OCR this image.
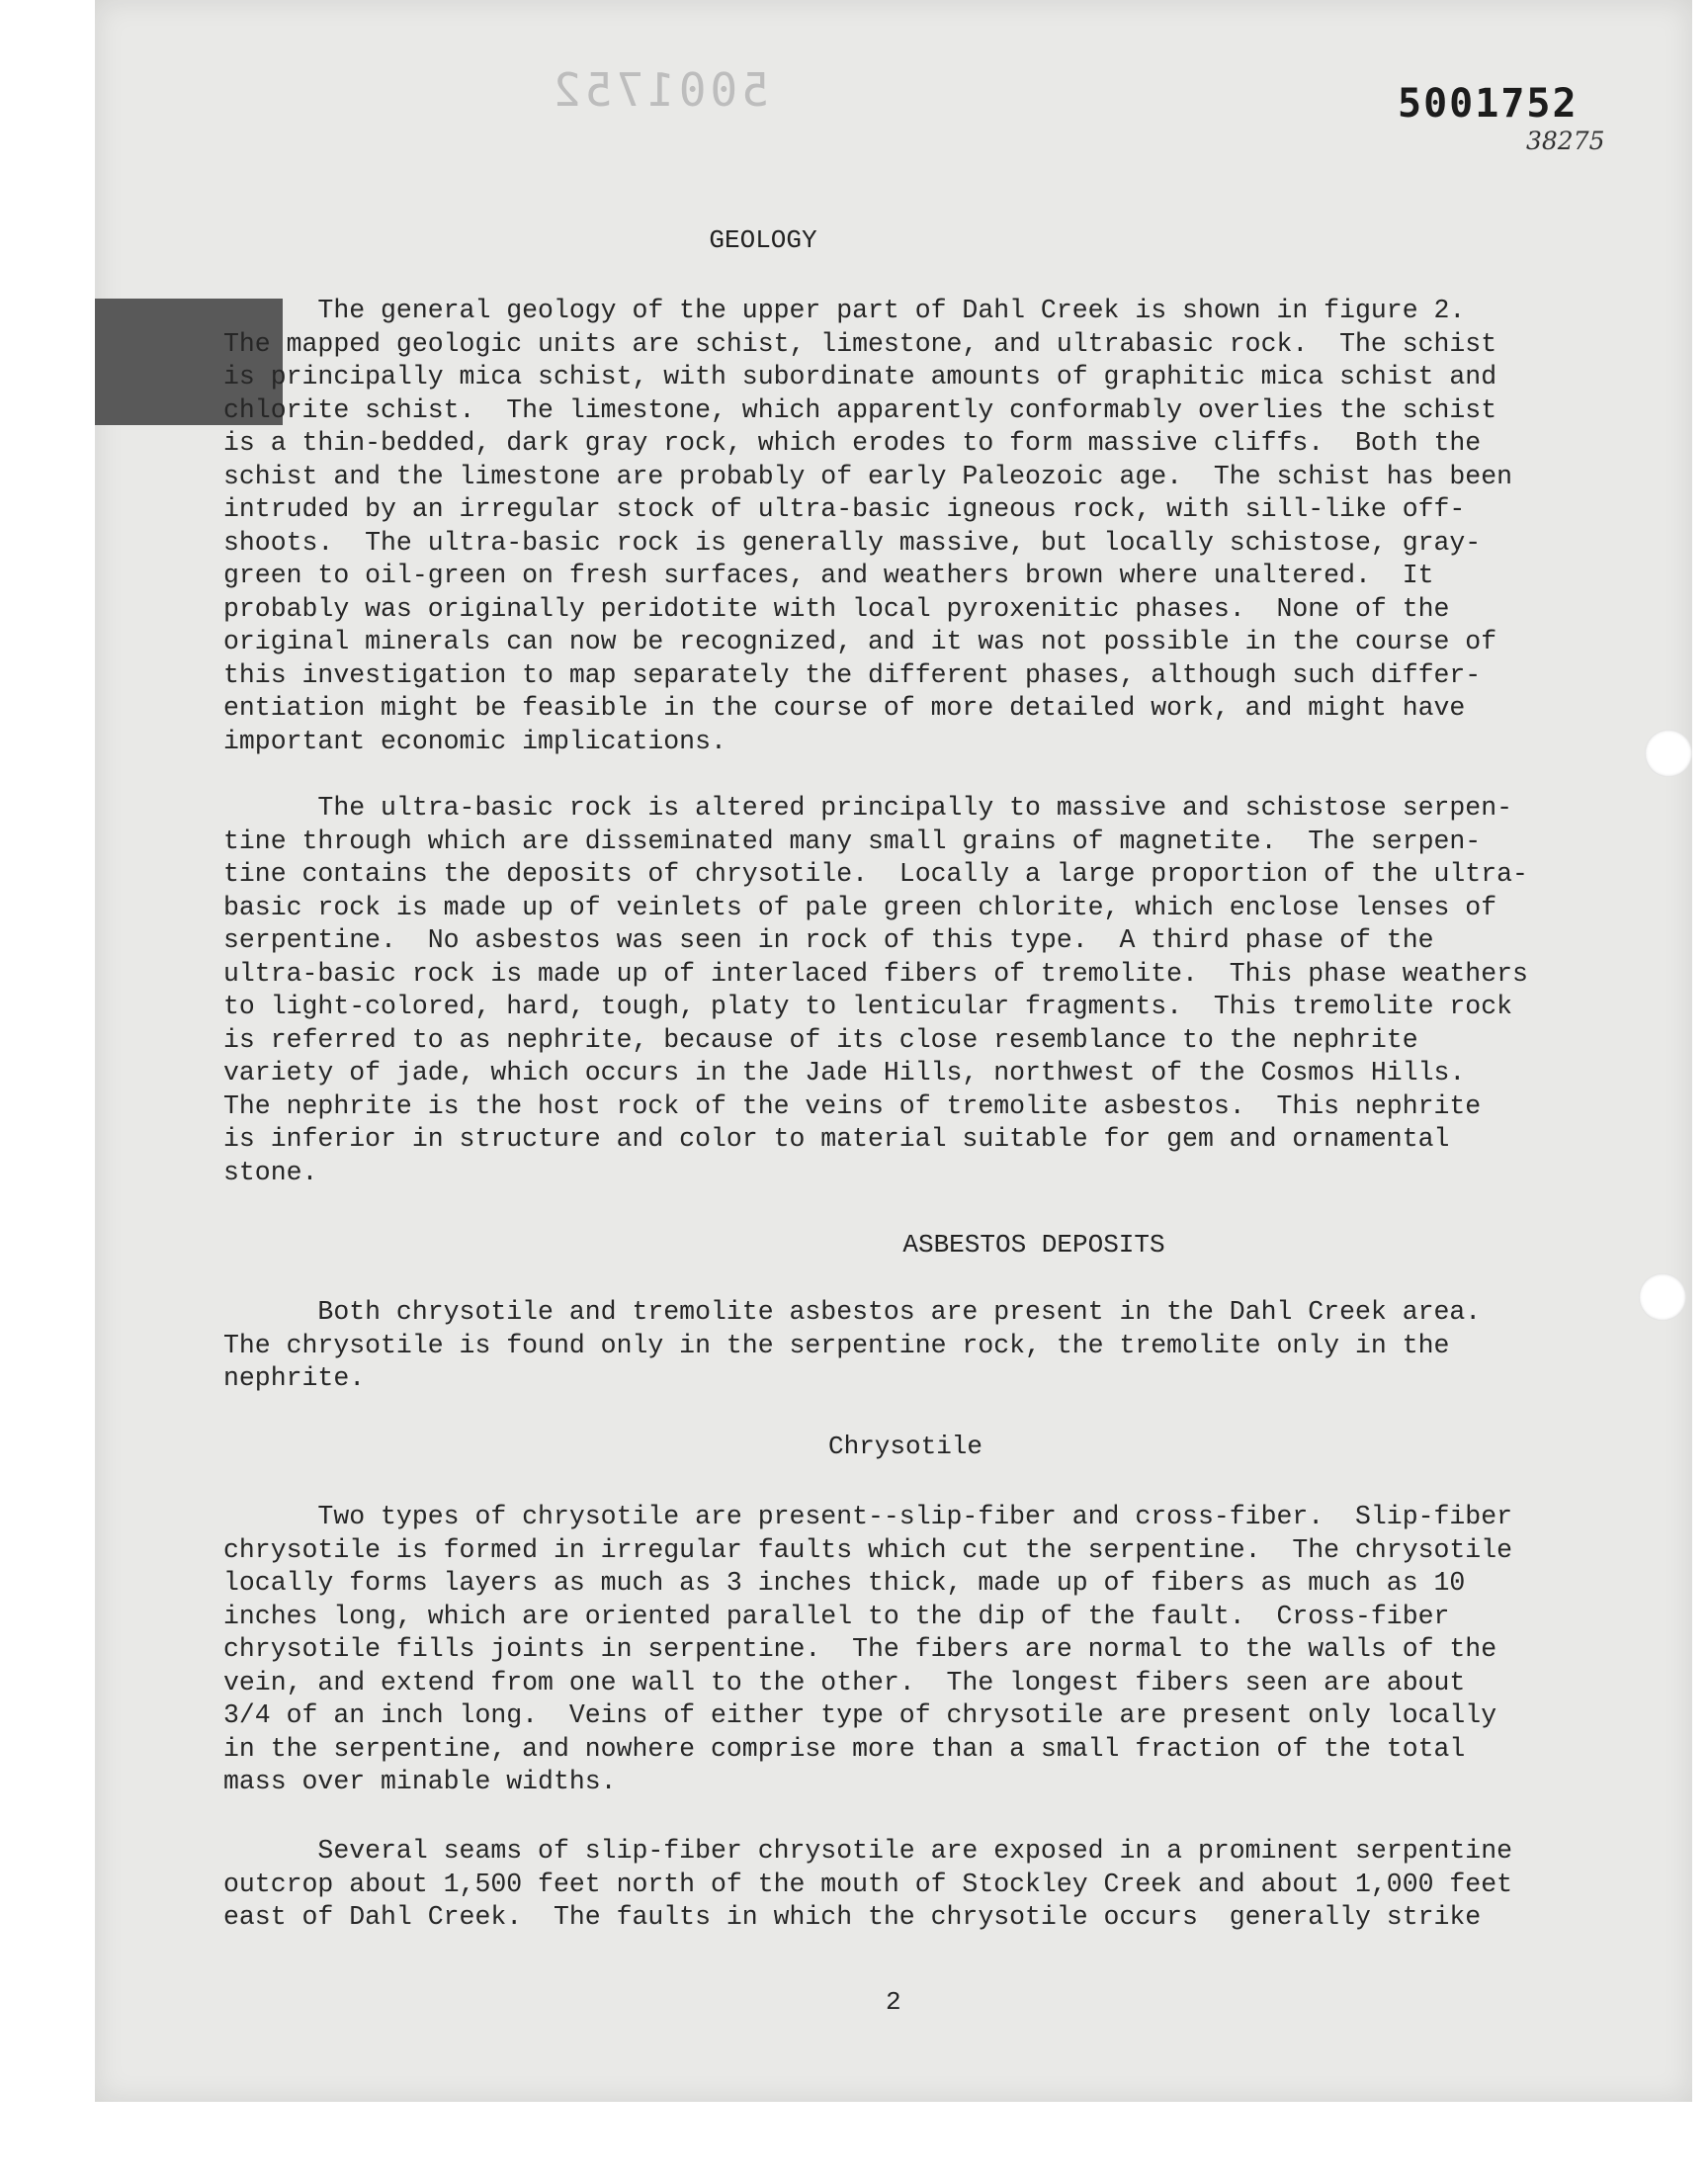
5001752	5001752
38275
GEOLOGY
The general geology of the upper part of Dahl Creek is shown in figure 2.
The mapped geologic units are schist, limestone, and ultrabasic rock.  The schist
is principally mica schist, with subordinate amounts of graphitic mica schist and
chlorite schist.  The limestone, which apparently conformably overlies the schist
is a thin-bedded, dark gray rock, which erodes to form massive cliffs.  Both the
schist and the limestone are probably of early Paleozoic age.  The schist has been
intruded by an irregular stock of ultra-basic igneous rock, with sill-like off-
shoots.  The ultra-basic rock is generally massive, but locally schistose, gray-
green to oil-green on fresh surfaces, and weathers brown where unaltered.  It
probably was originally peridotite with local pyroxenitic phases.  None of the
original minerals can now be recognized, and it was not possible in the course of
this investigation to map separately the different phases, although such differ-
entiation might be feasible in the course of more detailed work, and might have
important economic implications.
The ultra-basic rock is altered principally to massive and schistose serpen-
tine through which are disseminated many small grains of magnetite.  The serpen-
tine contains the deposits of chrysotile.  Locally a large proportion of the ultra-
basic rock is made up of veinlets of pale green chlorite, which enclose lenses of
serpentine.  No asbestos was seen in rock of this type.  A third phase of the
ultra-basic rock is made up of interlaced fibers of tremolite.  This phase weathers
to light-colored, hard, tough, platy to lenticular fragments.  This tremolite rock
is referred to as nephrite, because of its close resemblance to the nephrite
variety of jade, which occurs in the Jade Hills, northwest of the Cosmos Hills.
The nephrite is the host rock of the veins of tremolite asbestos.  This nephrite
is inferior in structure and color to material suitable for gem and ornamental
stone.
ASBESTOS DEPOSITS
Both chrysotile and tremolite asbestos are present in the Dahl Creek area.
The chrysotile is found only in the serpentine rock, the tremolite only in the
nephrite.
Chrysotile
Two types of chrysotile are present--slip-fiber and cross-fiber.  Slip-fiber
chrysotile is formed in irregular faults which cut the serpentine.  The chrysotile
locally forms layers as much as 3 inches thick, made up of fibers as much as 10
inches long, which are oriented parallel to the dip of the fault.  Cross-fiber
chrysotile fills joints in serpentine.  The fibers are normal to the walls of the
vein, and extend from one wall to the other.  The longest fibers seen are about
3/4 of an inch long.  Veins of either type of chrysotile are present only locally
in the serpentine, and nowhere comprise more than a small fraction of the total
mass over minable widths.
Several seams of slip-fiber chrysotile are exposed in a prominent serpentine
outcrop about 1,500 feet north of the mouth of Stockley Creek and about 1,000 feet
east of Dahl Creek.  The faults in which the chrysotile occurs  generally strike
2
